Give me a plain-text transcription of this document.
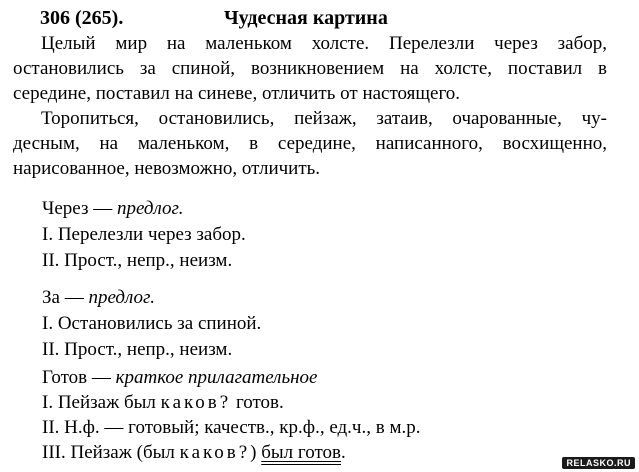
306 (265).	Чудесная картина
Целый мир на маленьком холсте. Перелезли через забор,
остановились за спиной, возникновением на холсте, поставил в
середине, поставил на синеве, отличить от настоящего.
Торопиться, остановились, пейзаж, затаив, очарованные, чу-
десным, на маленьком, в середине, написанного, восхищенно,
нарисованное, невозможно, отличить.
Через — предлог.
I. Перелезли через забор.
II. Прост., непр., неизм.
За — предлог.
I. Остановились за спиной.
II. Прост., непр., неизм.
Готов — краткое прилагательное
I. Пейзаж был каков? готов.
II. Н.ф. — готовый; качеств., кр.ф., ед.ч., в м.р.
III. Пейзаж (был каков?) был готов.	RELASKO.RU
